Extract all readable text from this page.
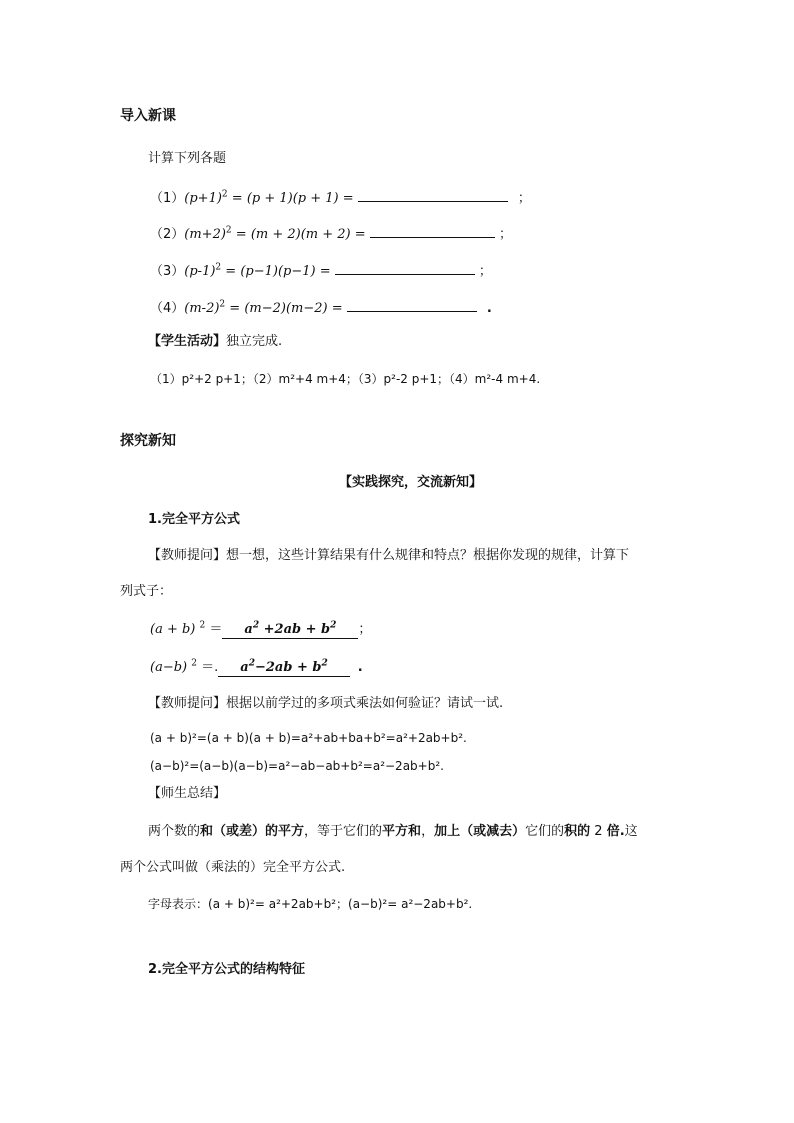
导入新课
计算下列各题
$(1)(p+1)^2 = (p + 1)(p + 1)$ =	；
$(2)(m+2)^2 = (m + 2)(m + 2)$ =	；
$(3)(p-1)^2 = (p-1)(p-1)$ =	；
$(4)(m-2)^2 = (m-2)(m-2)$ =	.
【学生活动】独立完成.
（1）p²+2 p+1；（2）m²+4 m+4；（3）p²-2 p+1；（4）m²-4 m+4.
探究新知
【实践探究，交流新知】
1.完全平方公式
【教师提问】想一想，这些计算结果有什么规律和特点？根据你发现的规律，计算下
列式子：
(a + b) $^2 = a^2 +2ab + b^2$ ；
(a−b) $^2$ ＝. $a^2-2ab + b^2$ .
【教师提问】根据以前学过的多项式乘法如何验证？请试一试.
(a + b)²=(a + b)(a + b)=a²+ab+ba+b²=a²+2ab+b².
(a−b)²=(a−b)(a−b)=a²−ab−ab+b²=a²−2ab+b².
【师生总结】
两个数的和（或差）的平方，等于它们的平方和，加上（或减去）它们的积的 2 倍.这
两个公式叫做（乘法的）完全平方公式.
字母表示：(a + b)²= a²+2ab+b²；(a−b)²= a²−2ab+b².
2.完全平方公式的结构特征
